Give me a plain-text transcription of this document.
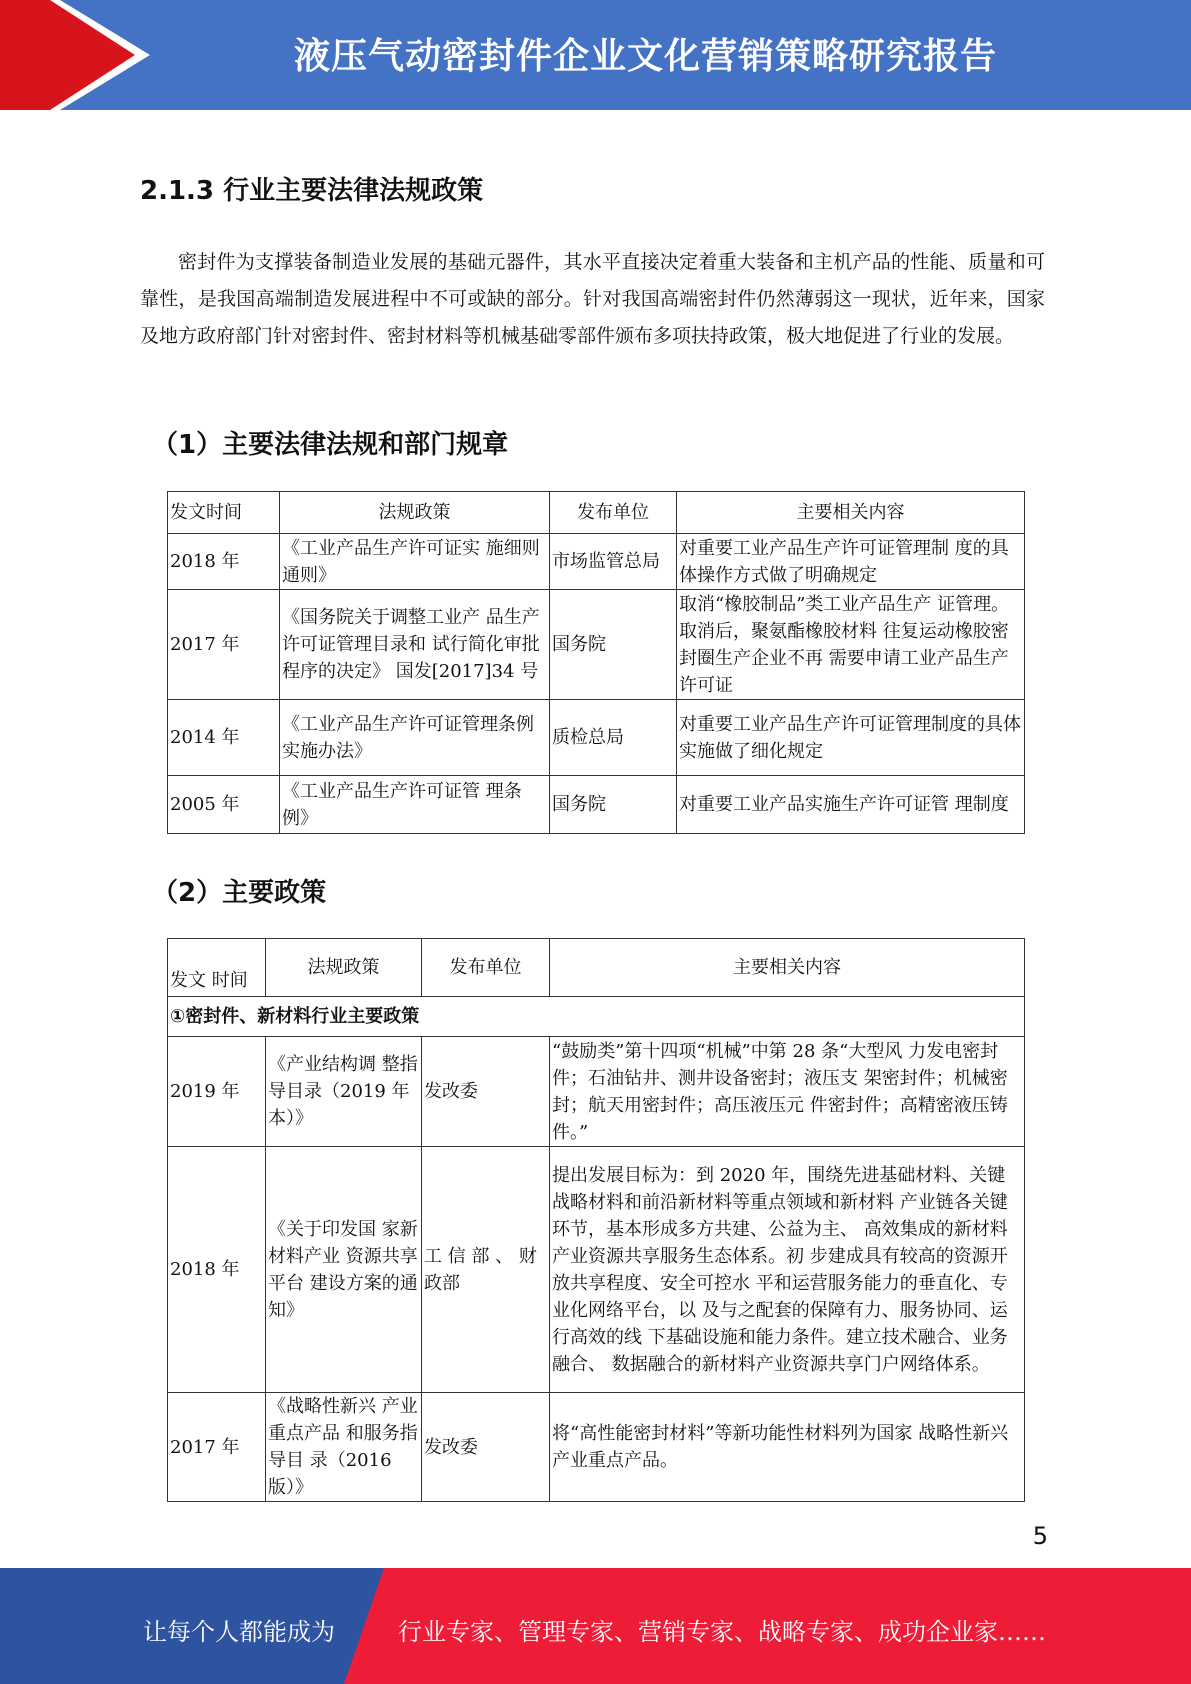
液压气动密封件企业文化营销策略研究报告
2.1.3 行业主要法律法规政策

密封件为支撑装备制造业发展的基础元器件，其水平直接决定着重大装备和主机产品的性能、质量和可靠性，是我国高端制造发展进程中不可或缺的部分。针对我国高端密封件仍然薄弱这一现状，近年来，国家及地方政府部门针对密封件、密封材料等机械基础零部件颁布多项扶持政策，极大地促进了行业的发展。

（1）主要法律法规和部门规章
发文时间	法规政策	发布单位	主要相关内容
2018 年	《工业产品生产许可证实 施细则通则》	市场监管总局	对重要工业产品生产许可证管理制 度的具体操作方式做了明确规定
2017 年	《国务院关于调整工业产 品生产许可证管理目录和 试行简化审批程序的决定》 国发[2017]34 号	国务院	取消“橡胶制品”类工业产品生产 证管理。取消后，聚氨酯橡胶材料 往复运动橡胶密封圈生产企业不再 需要申请工业产品生产许可证
2014 年	《工业产品生产许可证管理条例实施办法》	质检总局	对重要工业产品生产许可证管理制度的具体实施做了细化规定
2005 年	《工业产品生产许可证管 理条例》	国务院	对重要工业产品实施生产许可证管 理制度
（2）主要政策
发文 时间	法规政策	发布单位	主要相关内容
①密封件、新材料行业主要政策			
2019 年	《产业结构调 整指导目录（2019 年本）》	发改委	“鼓励类”第十四项“机械”中第 28 条“大型风 力发电密封件；石油钻井、测井设备密封；液压支 架密封件；机械密封；航天用密封件；高压液压元 件密封件；高精密液压铸件。”
2018 年	《关于印发国 家新材料产业 资源共享平台 建设方案的通 知》	工 信 部 、 财政部	提出发展目标为：到 2020 年，围绕先进基础材料、关键战略材料和前沿新材料等重点领域和新材料 产业链各关键环节，基本形成多方共建、公益为主、 高效集成的新材料产业资源共享服务生态体系。初 步建成具有较高的资源开放共享程度、安全可控水 平和运营服务能力的垂直化、专业化网络平台，以 及与之配套的保障有力、服务协同、运行高效的线 下基础设施和能力条件。建立技术融合、业务融合、 数据融合的新材料产业资源共享门户网络体系。
2017 年	《战略性新兴 产业重点产品 和服务指导目 录（2016 版）》	发改委	将“高性能密封材料”等新功能性材料列为国家 战略性新兴产业重点产品。
5
让每个人都能成为	行业专家、管理专家、营销专家、战略专家、成功企业家……
